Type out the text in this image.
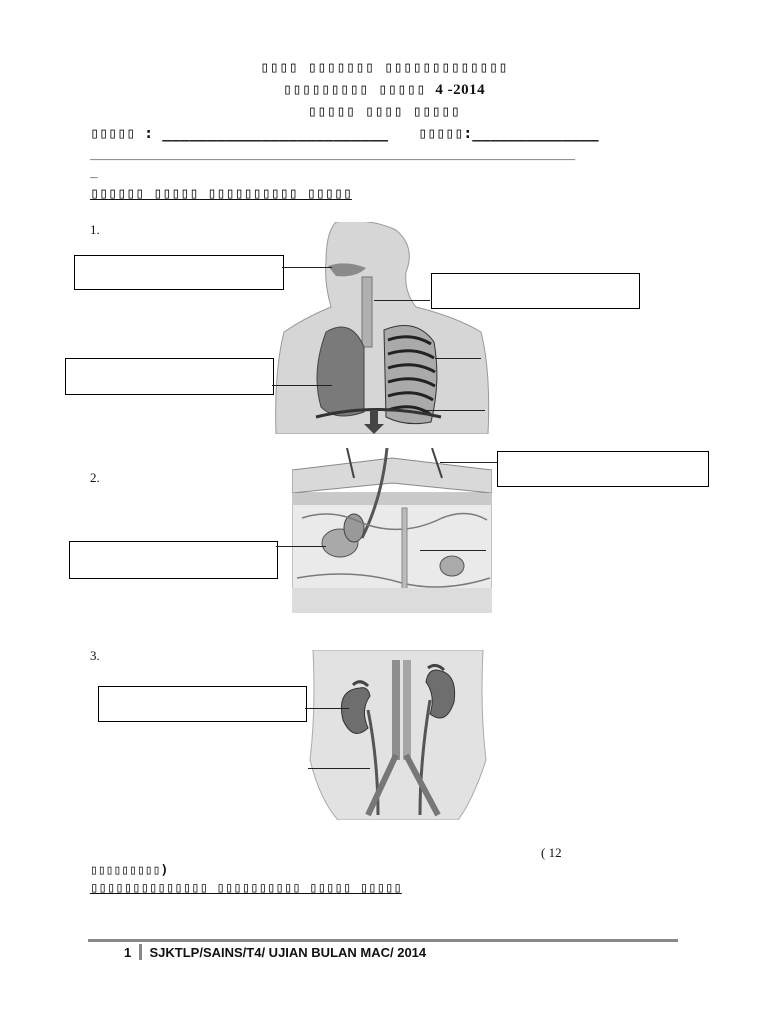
▯▯▯▯ ▯▯▯▯▯▯▯ ▯▯▯▯▯▯▯▯▯▯▯▯▯
▯▯▯▯▯▯▯▯▯ ▯▯▯▯▯ 4 -2014
▯▯▯▯▯ ▯▯▯▯ ▯▯▯▯▯
▯▯▯▯▯ : _________________________ ▯▯▯▯▯:______________
______________________________________________________________
_
▯▯▯▯▯▯ ▯▯▯▯▯ ▯▯▯▯▯▯▯▯▯▯ ▯▯▯▯▯
1.
2.
3.
( 12
▯▯▯▯▯▯▯▯▯)
▯▯▯▯▯▯▯▯▯▯▯▯▯▯ ▯▯▯▯▯▯▯▯▯▯ ▯▯▯▯▯ ▯▯▯▯▯
1 SJKTLP/SAINS/T4/ UJIAN BULAN MAC/ 2014
